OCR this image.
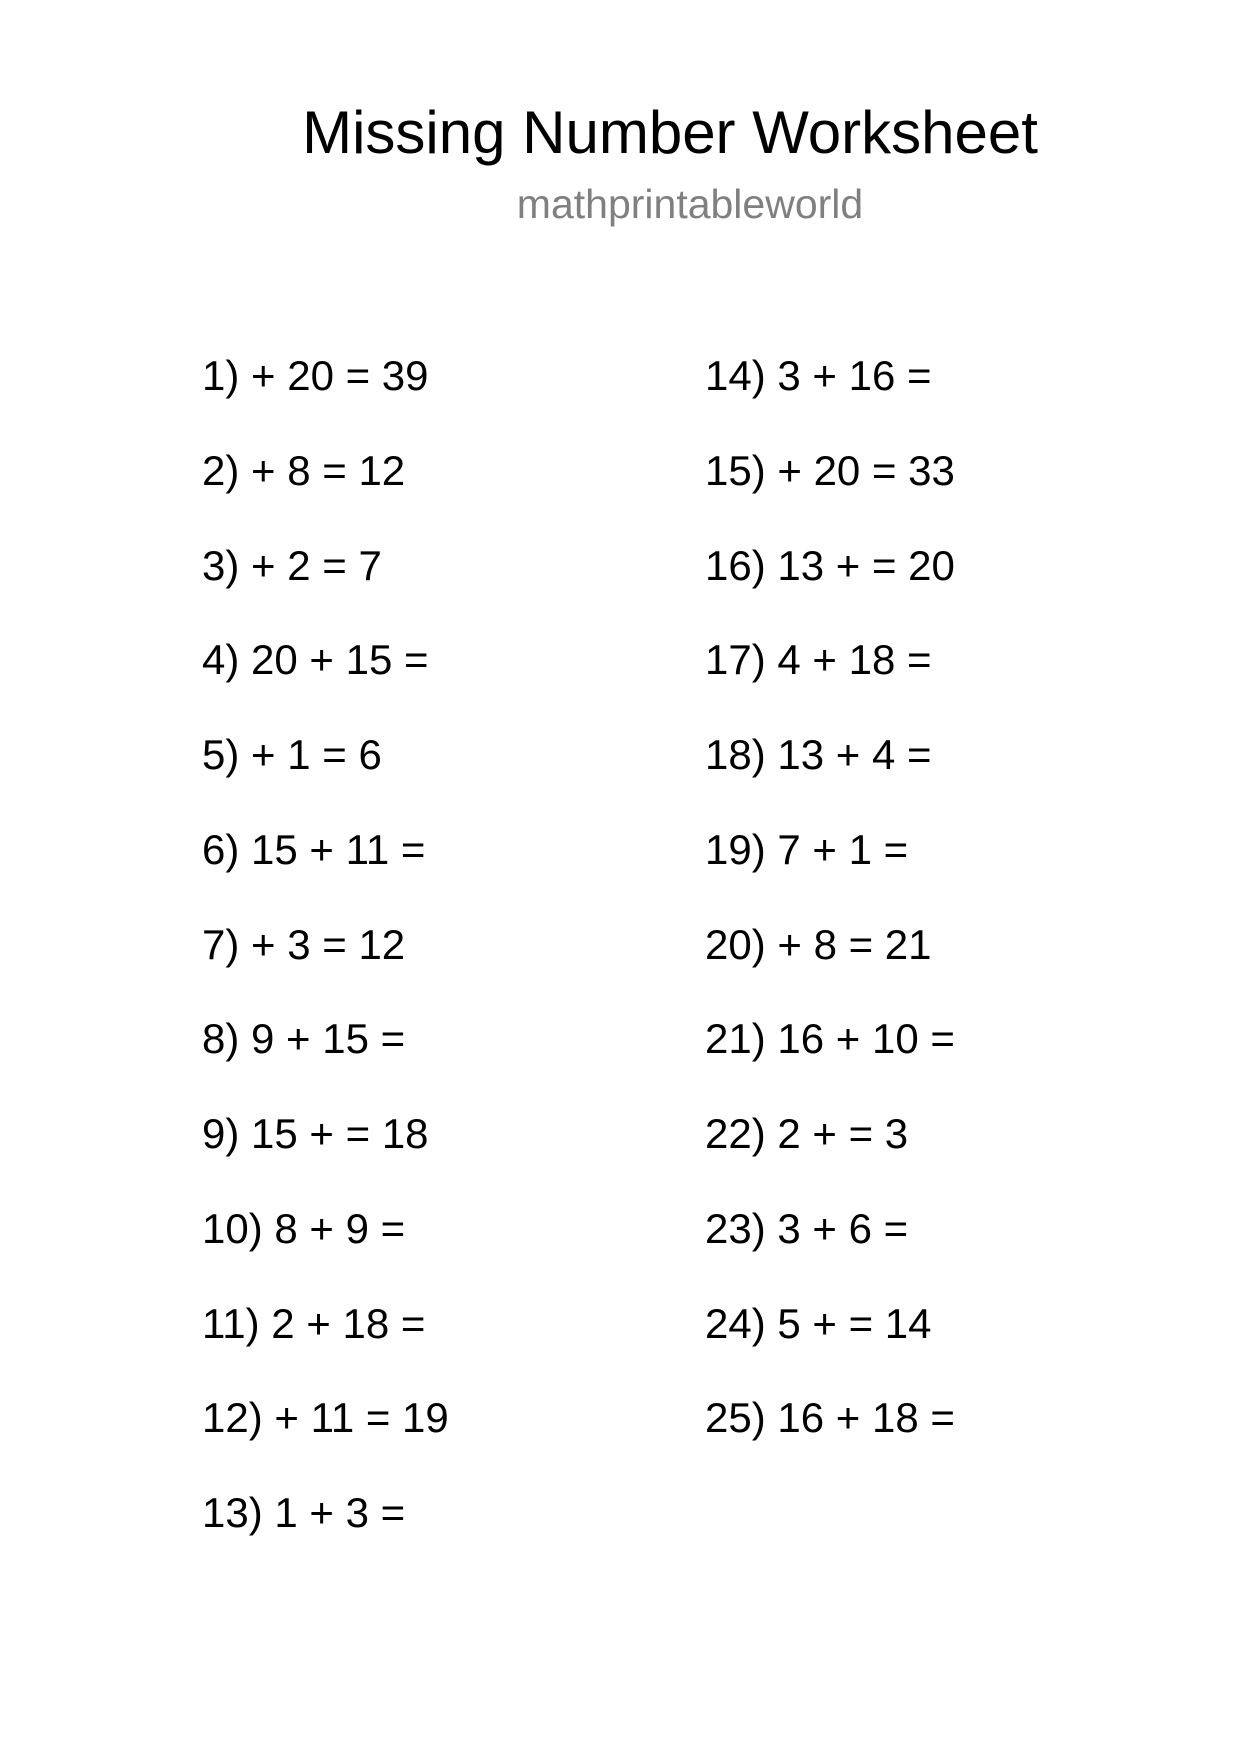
Missing Number Worksheet
mathprintableworld
1) + 20 = 39
2) + 8 = 12
3) + 2 = 7
4) 20 + 15 =
5) + 1 = 6
6) 15 + 11 =
7) + 3 = 12
8) 9 + 15 =
9) 15 + = 18
10) 8 + 9 =
11) 2 + 18 =
12) + 11 = 19
13) 1 + 3 =
14) 3 + 16 =
15) + 20 = 33
16) 13 + = 20
17) 4 + 18 =
18) 13 + 4 =
19) 7 + 1 =
20) + 8 = 21
21) 16 + 10 =
22) 2 + = 3
23) 3 + 6 =
24) 5 + = 14
25) 16 + 18 =
